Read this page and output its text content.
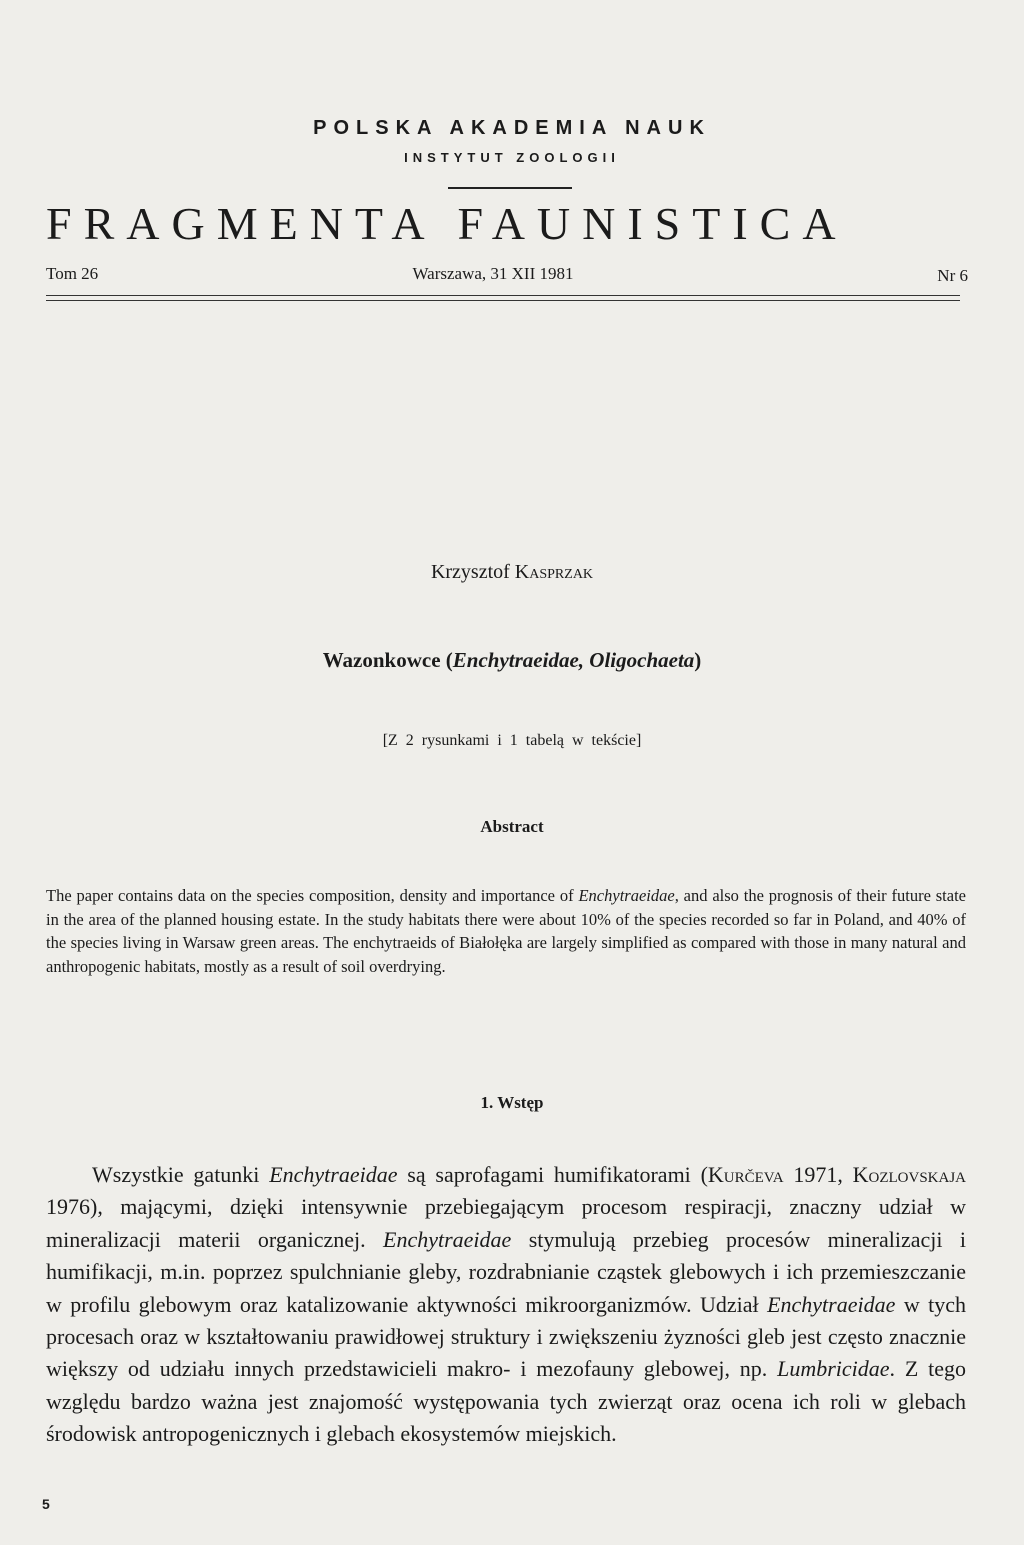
POLSKA AKADEMIA NAUK
INSTYTUT ZOOLOGII
FRAGMENTA FAUNISTICA
Tom 26	Warszawa, 31 XII 1981	Nr 6
Krzysztof Kasprzak
Wazonkowce (Enchytraeidae, Oligochaeta)
[Z 2 rysunkami i 1 tabelą w tekście]
Abstract
The paper contains data on the species composition, density and importance of Enchytraeidae, and also the prognosis of their future state in the area of the planned housing estate. In the study habitats there were about 10% of the species recorded so far in Poland, and 40% of the species living in Warsaw green areas. The enchytraeids of Białołęka are largely simplified as compared with those in many natural and anthropogenic habitats, mostly as a result of soil overdrying.
1. Wstęp
Wszystkie gatunki Enchytraeidae są saprofagami humifikatorami (Kurčeva 1971, Kozlovskaja 1976), mającymi, dzięki intensywnie przebiegającym procesom respiracji, znaczny udział w mineralizacji materii organicznej. Enchytraeidae stymulują przebieg procesów mineralizacji i humifikacji, m.in. poprzez spulchnianie gleby, rozdrabnianie cząstek glebowych i ich przemieszczanie w profilu glebowym oraz katalizowanie aktywności mikroorganizmów. Udział Enchytraeidae w tych procesach oraz w kształtowaniu prawidłowej struktury i zwiększeniu żyzności gleb jest często znacznie większy od udziału innych przedstawicieli makro- i mezofauny glebowej, np. Lumbricidae. Z tego względu bardzo ważna jest znajomość występowania tych zwierząt oraz ocena ich roli w glebach środowisk antropogenicznych i glebach ekosystemów miejskich.
5
